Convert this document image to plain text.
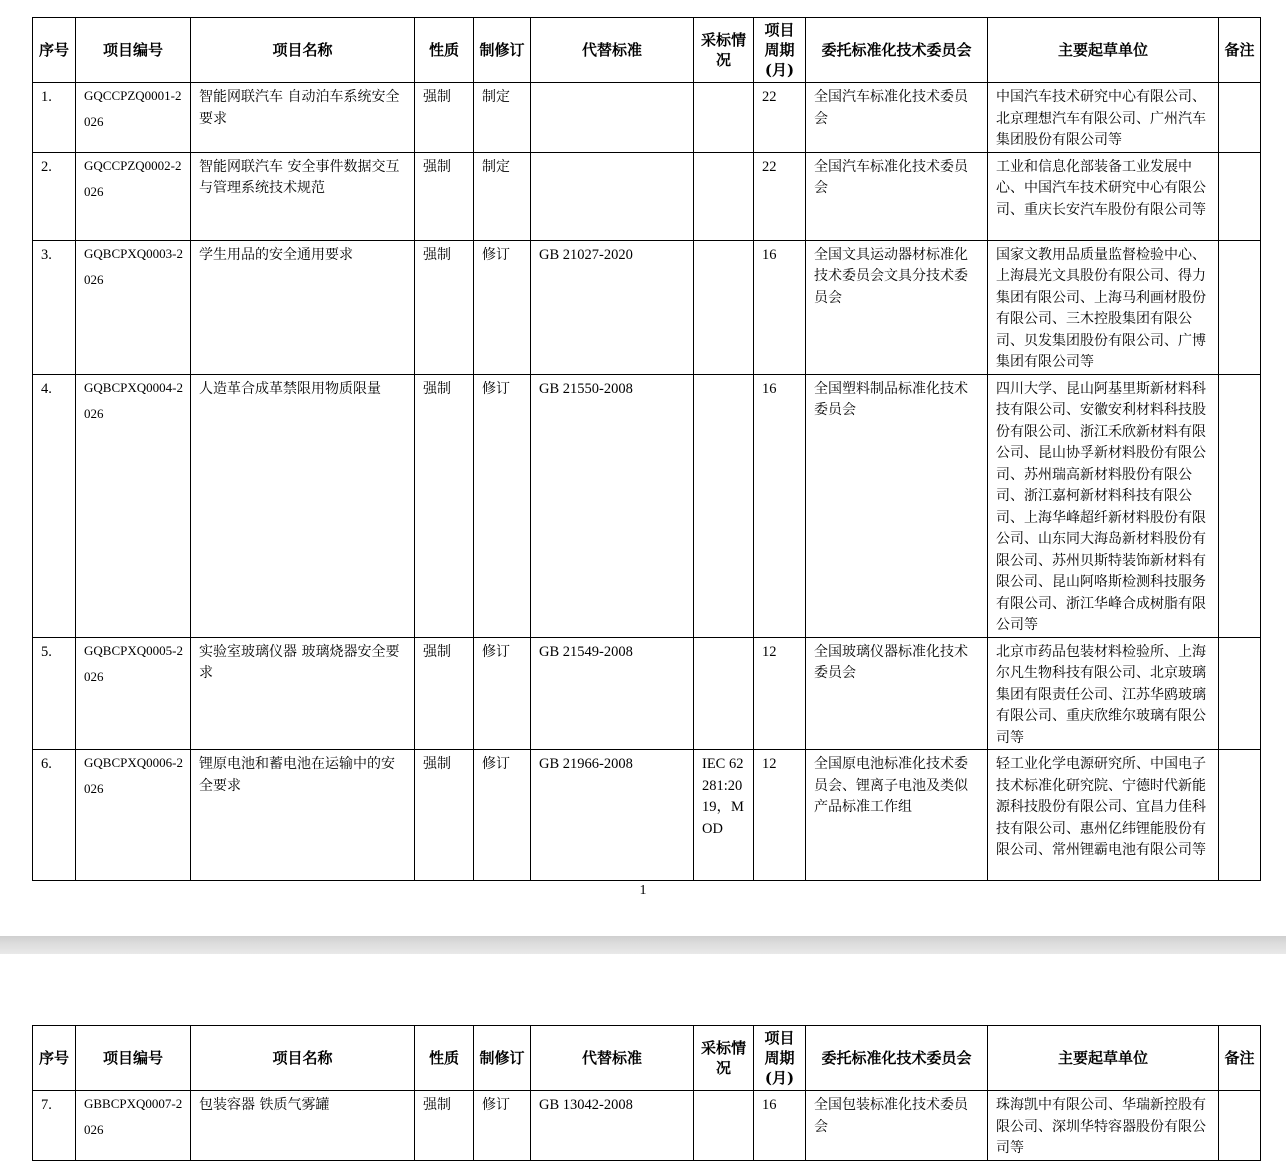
序号	项目编号	项目名称	性质	制修订	代替标准	采标情况	项目周期(月)	委托标准化技术委员会	主要起草单位	备注
1.	GQCCPZQ0001-2026	智能网联汽车 自动泊车系统安全要求	强制	制定			22	全国汽车标准化技术委员会	中国汽车技术研究中心有限公司、北京理想汽车有限公司、广州汽车集团股份有限公司等	
2.	GQCCPZQ0002-2026	智能网联汽车 安全事件数据交互与管理系统技术规范	强制	制定			22	全国汽车标准化技术委员会	工业和信息化部装备工业发展中心、中国汽车技术研究中心有限公司、重庆长安汽车股份有限公司等	
3.	GQBCPXQ0003-2026	学生用品的安全通用要求	强制	修订	GB 21027-2020		16	全国文具运动器材标准化技术委员会文具分技术委员会	国家文教用品质量监督检验中心、上海晨光文具股份有限公司、得力集团有限公司、上海马利画材股份有限公司、三木控股集团有限公司、贝发集团股份有限公司、广博集团有限公司等	
4.	GQBCPXQ0004-2026	人造革合成革禁限用物质限量	强制	修订	GB 21550-2008		16	全国塑料制品标准化技术委员会	四川大学、昆山阿基里斯新材料科技有限公司、安徽安利材料科技股份有限公司、浙江禾欣新材料有限公司、昆山协孚新材料股份有限公司、苏州瑞高新材料股份有限公司、浙江嘉柯新材料科技有限公司、上海华峰超纤新材料股份有限公司、山东同大海岛新材料股份有限公司、苏州贝斯特装饰新材料有限公司、昆山阿咯斯检测科技服务有限公司、浙江华峰合成树脂有限公司等	
5.	GQBCPXQ0005-2026	实验室玻璃仪器 玻璃烧器安全要求	强制	修订	GB 21549-2008		12	全国玻璃仪器标准化技术委员会	北京市药品包装材料检验所、上海尔凡生物科技有限公司、北京玻璃集团有限责任公司、江苏华鸥玻璃有限公司、重庆欣维尔玻璃有限公司等	
6.	GQBCPXQ0006-2026	锂原电池和蓄电池在运输中的安全要求	强制	修订	GB 21966-2008	IEC 62281:2019，MOD	12	全国原电池标准化技术委员会、锂离子电池及类似产品标准工作组	轻工业化学电源研究所、中国电子技术标准化研究院、宁德时代新能源科技股份有限公司、宜昌力佳科技有限公司、惠州亿纬锂能股份有限公司、常州锂霸电池有限公司等	
1
序号	项目编号	项目名称	性质	制修订	代替标准	采标情况	项目周期(月)	委托标准化技术委员会	主要起草单位	备注
7.	GBBCPXQ0007-2026	包装容器 铁质气雾罐	强制	修订	GB 13042-2008		16	全国包装标准化技术委员会	珠海凯中有限公司、华瑞新控股有限公司、深圳华特容器股份有限公司等	
